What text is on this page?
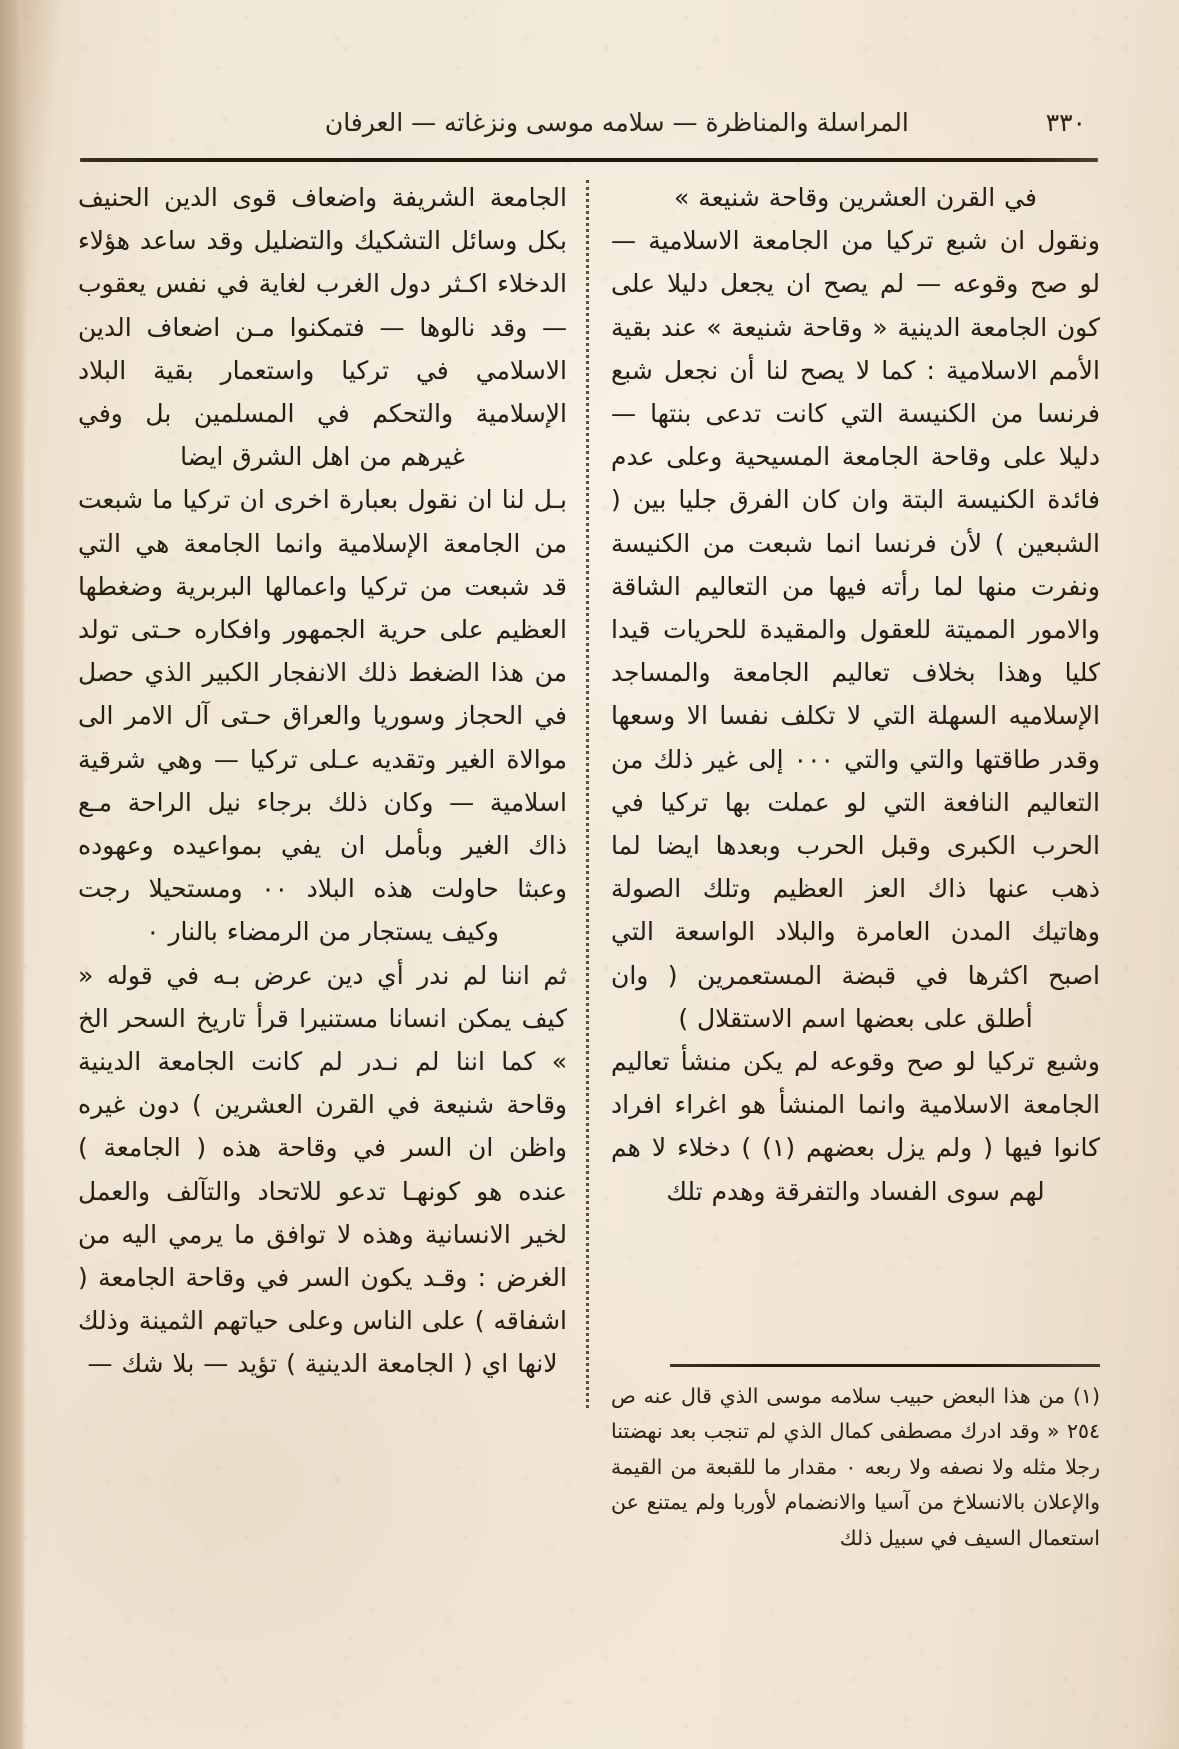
٣٣٠
المراسلة والمناظرة — سلامه موسى ونزغاته — العرفان

في القرن العشرين وقاحة شنيعة »

ونقول ان شبع تركيا من الجامعة الاسلامية — لو صح وقوعه — لم يصح ان يجعل دليلا على كون الجامعة الدينية « وقاحة شنيعة » عند بقية الأمم الاسلامية : كما لا يصح لنا أن نجعل شبع فرنسا من الكنيسة التي كانت تدعى بنتها — دليلا على وقاحة الجامعة المسيحية وعلى عدم فائدة الكنيسة البتة وان كان الفرق جليا بين ( الشبعين ) لأن فرنسا انما شبعت من الكنيسة ونفرت منها لما رأته فيها من التعاليم الشاقة والامور المميتة للعقول والمقيدة للحريات قيدا كليا وهذا بخلاف تعاليم الجامعة والمساجد الإسلاميه السهلة التي لا تكلف نفسا الا وسعها وقدر طاقتها والتي والتي ٠٠٠ إلى غير ذلك من التعاليم النافعة التي لو عملت بها تركيا في الحرب الكبرى وقبل الحرب وبعدها ايضا لما ذهب عنها ذاك العز العظيم وتلك الصولة وهاتيك المدن العامرة والبلاد الواسعة التي اصبح اكثرها في قبضة المستعمرين ( وان أطلق على بعضها اسم الاستقلال )

وشبع تركيا لو صح وقوعه لم يكن منشأ تعاليم الجامعة الاسلامية وانما المنشأ هو اغراء افراد كانوا فيها ( ولم يزل بعضهم (١) ) دخلاء لا هم لهم سوى الفساد والتفرقة وهدم تلك

(١) من هذا البعض حبيب سلامه موسى الذي قال عنه ص ٢٥٤ « وقد ادرك مصطفى كمال الذي لم تنجب بعد نهضتنا رجلا مثله ولا نصفه ولا ربعه ٠ مقدار ما للقبعة من القيمة والإعلان بالانسلاخ من آسيا والانضمام لأوربا ولم يمتنع عن استعمال السيف في سبيل ذلك

الجامعة الشريفة واضعاف قوى الدين الحنيف بكل وسائل التشكيك والتضليل وقد ساعد هؤلاء الدخلاء اكـثر دول الغرب لغاية في نفس يعقوب — وقد نالوها — فتمكنوا مـن اضعاف الدين الاسلامي في تركيا واستعمار بقية البلاد الإسلامية والتحكم في المسلمين بل وفي غيرهم من اهل الشرق ايضا

بـل لنا ان نقول بعبارة اخرى ان تركيا ما شبعت من الجامعة الإسلامية وانما الجامعة هي التي قد شبعت من تركيا واعمالها البربرية وضغطها العظيم على حرية الجمهور وافكاره حـتى تولد من هذا الضغط ذلك الانفجار الكبير الذي حصل في الحجاز وسوريا والعراق حـتى آل الامر الى موالاة الغير وتقديه عـلى تركيا — وهي شرقية اسلامية — وكان ذلك برجاء نيل الراحة مـع ذاك الغير وبأمل ان يفي بمواعيده وعهوده وعبثا حاولت هذه البلاد ٠٠ ومستحيلا رجت وكيف يستجار من الرمضاء بالنار ٠

ثم اننا لم ندر أي دين عرض بـه في قوله « كيف يمكن انسانا مستنيرا قرأ تاريخ السحر الخ » كما اننا لم نـدر لم كانت الجامعة الدينية وقاحة شنيعة في القرن العشرين ) دون غيره واظن ان السر في وقاحة هذه ( الجامعة ) عنده هو كونهـا تدعو للاتحاد والتآلف والعمل لخير الانسانية وهذه لا توافق ما يرمي اليه من الغرض : وقـد يكون السر في وقاحة الجامعة ( اشفاقه ) على الناس وعلى حياتهم الثمينة وذلك لانها اي ( الجامعة الدينية ) تؤيد — بلا شك —
